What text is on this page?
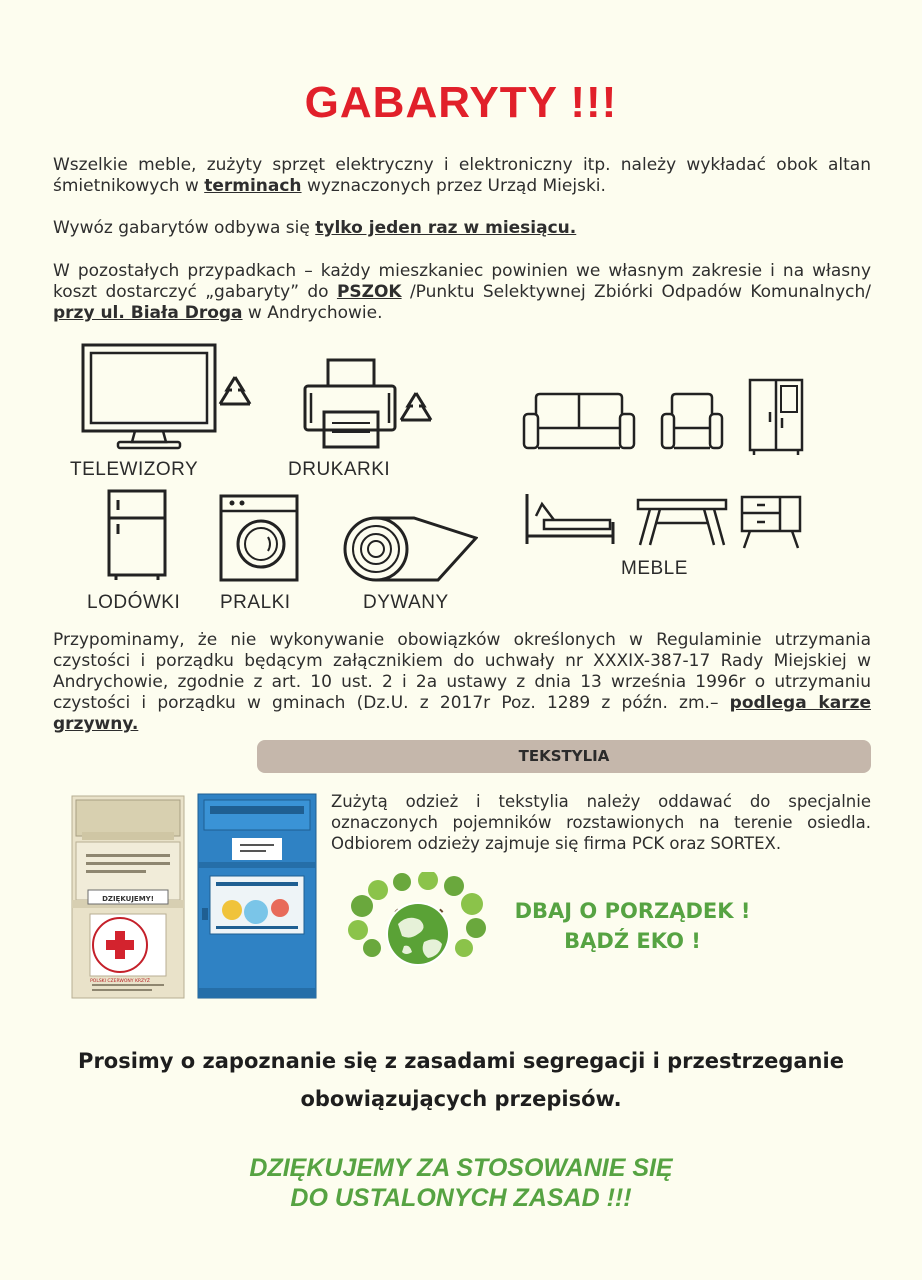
GABARYTY !!!
Wszelkie meble, zużyty sprzęt elektryczny i elektroniczny itp. należy wykładać obok altan śmietnikowych w terminach wyznaczonych przez Urząd Miejski.
Wywóz gabarytów odbywa się tylko jeden raz w miesiącu.
W pozostałych przypadkach – każdy mieszkaniec powinien we własnym zakresie i na własny koszt dostarczyć „gabaryty” do PSZOK /Punktu Selektywnej Zbiórki Odpadów Komunalnych/ przy ul. Biała Droga w Andrychowie.
TELEWIZORY	DRUKARKI
LODÓWKI PRALKI	DYWANY
MEBLE
Przypominamy, że nie wykonywanie obowiązków określonych w Regulaminie utrzymania czystości i porządku będącym załącznikiem do uchwały nr XXXIX-387-17 Rady Miejskiej w Andrychowie, zgodnie z art. 10 ust. 2 i 2a ustawy z dnia 13 września 1996r o utrzymaniu czystości i porządku w gminach (Dz.U. z 2017r Poz. 1289 z późn. zm.– podlega karze grzywny.
TEKSTYLIA
DZIĘKUJEMY!
POLSKI CZERWONY KRZYŻ
Zużytą odzież i tekstylia należy oddawać do specjalnie oznaczonych pojemników rozstawionych na terenie osiedla. Odbiorem odzieży zajmuje się firma PCK oraz SORTEX.
DBAJ O PORZĄDEK !
BĄDŹ EKO !
Prosimy o zapoznanie się z zasadami segregacji i przestrzeganie
obowiązujących przepisów.
DZIĘKUJEMY ZA STOSOWANIE SIĘ
DO USTALONYCH ZASAD !!!
